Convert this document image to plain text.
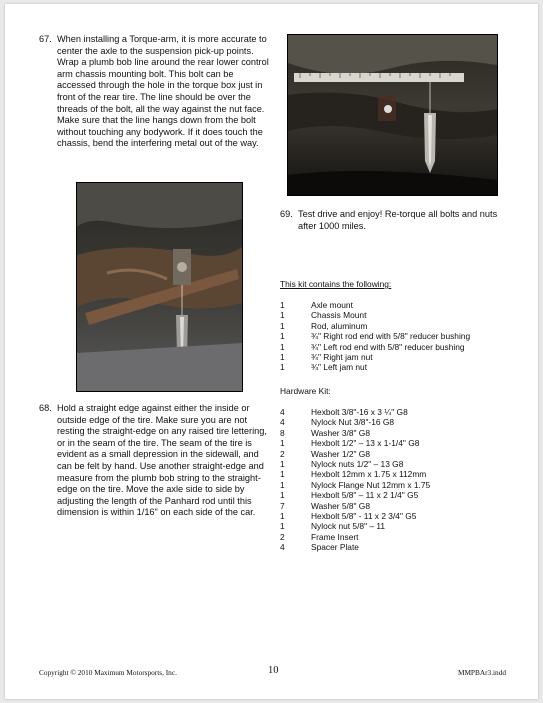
67. When installing a Torque-arm, it is more accurate to center the axle to the suspension pick-up points. Wrap a plumb bob line around the rear lower control arm chassis mounting bolt. This bolt can be accessed through the hole in the torque box just in front of the rear tire. The line should be over the threads of the bolt, all the way against the nut face. Make sure that the line hangs down from the bolt without touching any bodywork. If it does touch the chassis, bend the interfering metal out of the way.
69. Test drive and enjoy! Re-torque all bolts and nuts after 1000 miles.
This kit contains the following:
1	Axle mount
1	Chassis Mount
1	Rod, aluminum
1	¾" Right rod end with 5/8" reducer bushing
1	¾" Left rod end with 5/8" reducer bushing
1	¾" Right jam nut
1	¾" Left jam nut
Hardware Kit:
4	Hexbolt 3/8"-16 x 3 ¼" G8
4	Nylock Nut 3/8"-16 G8
8	Washer 3/8" G8
1	Hexbolt 1/2" – 13 x 1-1/4" G8
2	Washer 1/2" G8
1	Nylock nuts 1/2" – 13 G8
1	Hexbolt 12mm x 1.75 x 112mm
1	Nylock Flange Nut 12mm x 1.75
1	Hexbolt 5/8" – 11 x 2 1/4" G5
7	Washer 5/8" G8
1	Hexbolt 5/8" - 11 x 2 3/4" G5
1	Nylock nut 5/8" – 11
2	Frame Insert
4	Spacer Plate
68. Hold a straight edge against either the inside or outside edge of the tire. Make sure you are not resting the straight-edge on any raised tire lettering, or in the seam of the tire. The seam of the tire is evident as a small depression in the sidewall, and can be felt by hand. Use another straight-edge and measure from the plumb bob string to the straight-edge on the tire. Move the axle side to side by adjusting the length of the Panhard rod until this dimension is within 1/16" on each side of the car.
Copyright © 2010 Maximum Motorsports, Inc.	10	MMPBAr3.indd
